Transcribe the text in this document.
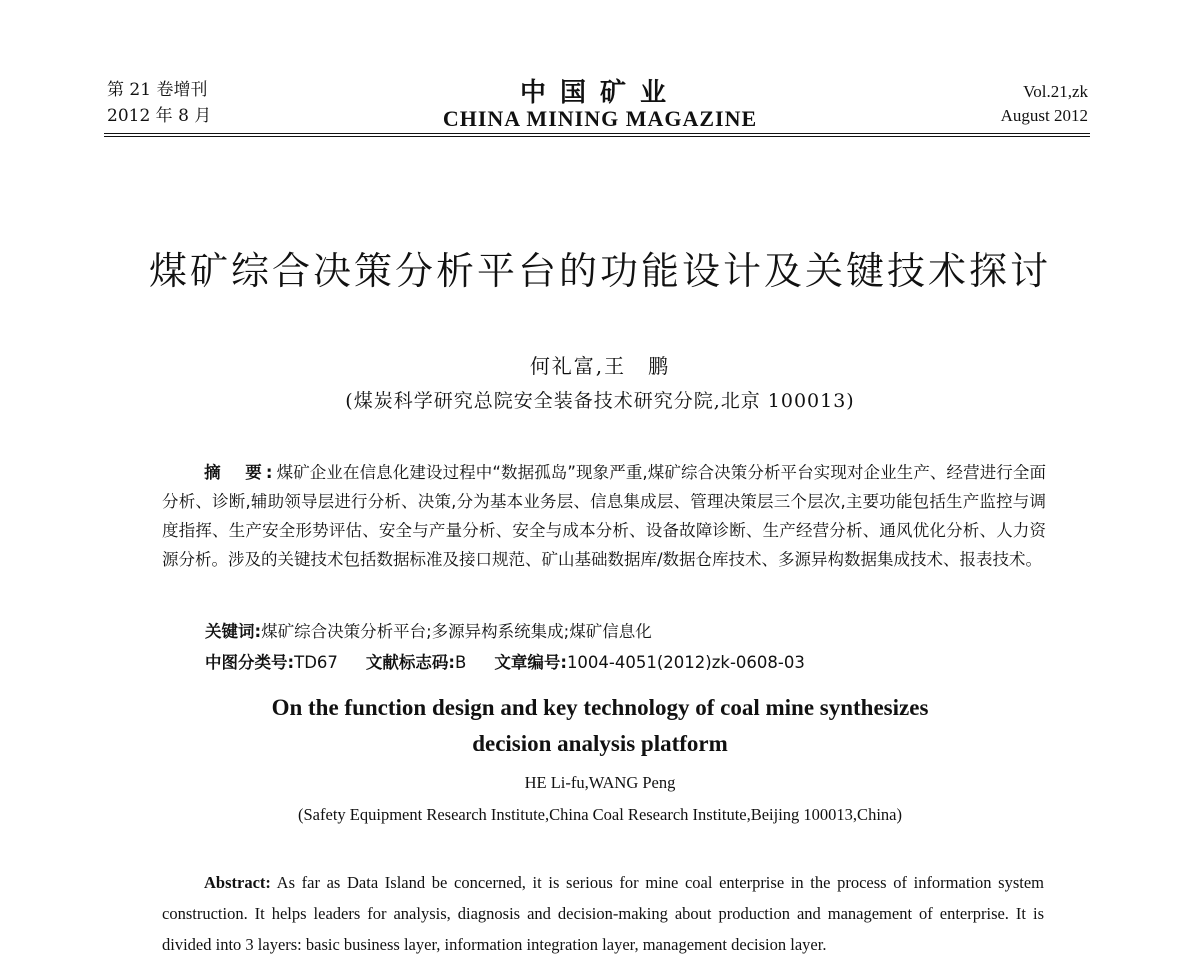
第 21 卷增刊
2012 年 8 月
中国矿业
CHINA MINING MAGAZINE
Vol.21,zk
August 2012
煤矿综合决策分析平台的功能设计及关键技术探讨
何礼富,王　鹏
(煤炭科学研究总院安全装备技术研究分院,北京 100013)
摘　要:煤矿企业在信息化建设过程中“数据孤岛”现象严重,煤矿综合决策分析平台实现对企业生产、经营进行全面分析、诊断,辅助领导层进行分析、决策,分为基本业务层、信息集成层、管理决策层三个层次,主要功能包括生产监控与调度指挥、生产安全形势评估、安全与产量分析、安全与成本分析、设备故障诊断、生产经营分析、通风优化分析、人力资源分析。涉及的关键技术包括数据标准及接口规范、矿山基础数据库/数据仓库技术、多源异构数据集成技术、报表技术。
关键词:煤矿综合决策分析平台;多源异构系统集成;煤矿信息化
中图分类号:TD67 文献标志码:B 文章编号:1004-4051(2012)zk-0608-03
On the function design and key technology of coal mine synthesizes
decision analysis platform
HE Li-fu,WANG Peng
(Safety Equipment Research Institute,China Coal Research Institute,Beijing 100013,China)
Abstract: As far as Data Island be concerned, it is serious for mine coal enterprise in the process of information system construction. It helps leaders for analysis, diagnosis and decision-making about production and management of enterprise. It is divided into 3 layers: basic business layer, information integration layer, management decision layer.
